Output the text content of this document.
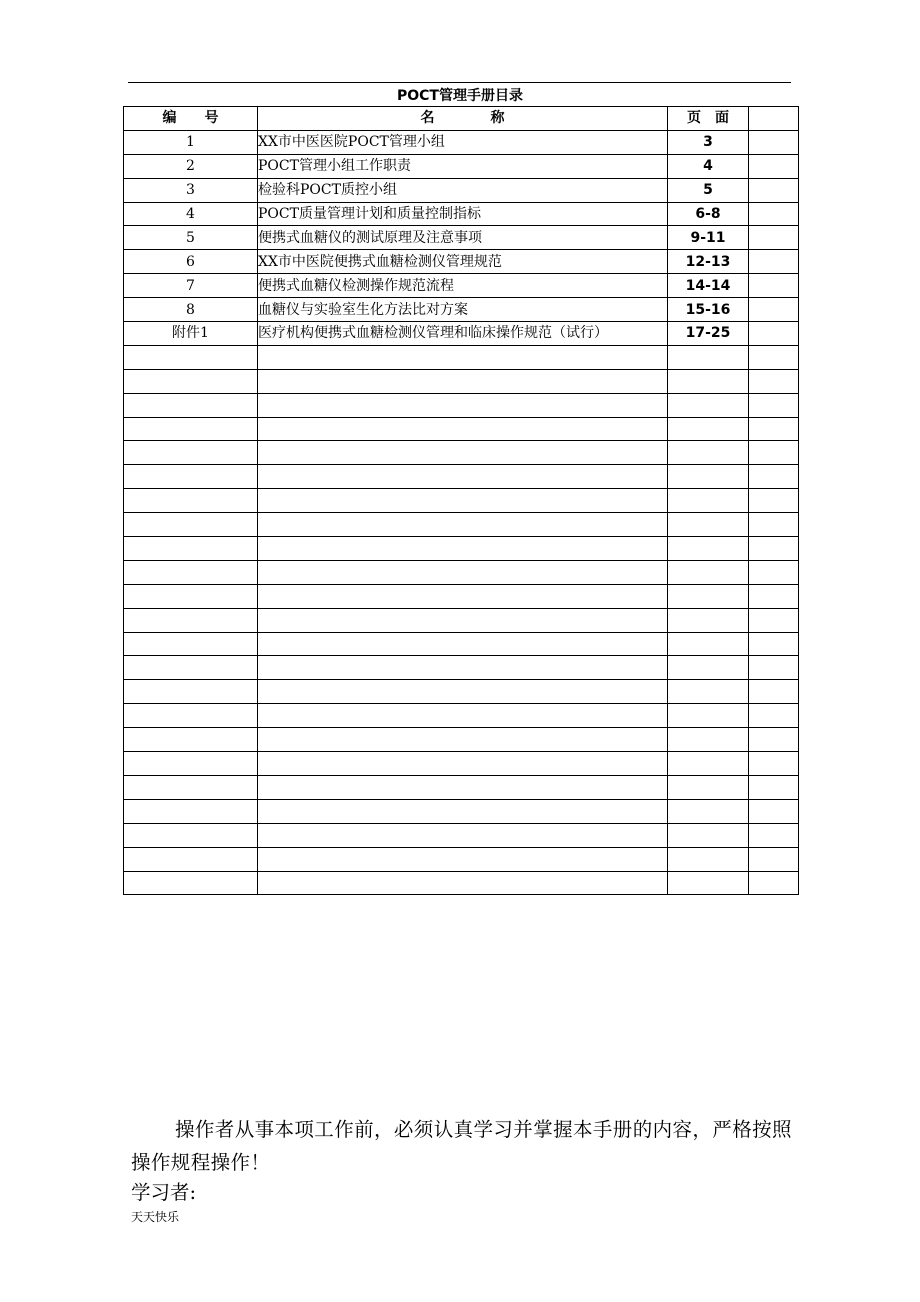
POCT管理手册目录
编　　号	名　　　　称	页　面	
1	XX市中医医院POCT管理小组	3	
2	POCT管理小组工作职责	4	
3	检验科POCT质控小组	5	
4	POCT质量管理计划和质量控制指标	6-8	
5	便携式血糖仪的测试原理及注意事项	9-11	
6	XX市中医院便携式血糖检测仪管理规范	12-13	
7	便携式血糖仪检测操作规范流程	14-14	
8	血糖仪与实验室生化方法比对方案	15-16	
附件1	医疗机构便携式血糖检测仪管理和临床操作规范（试行）	17-25	

操作者从事本项工作前，必须认真学习并掌握本手册的内容，严格按照操作规程操作！
学习者:
天天快乐
